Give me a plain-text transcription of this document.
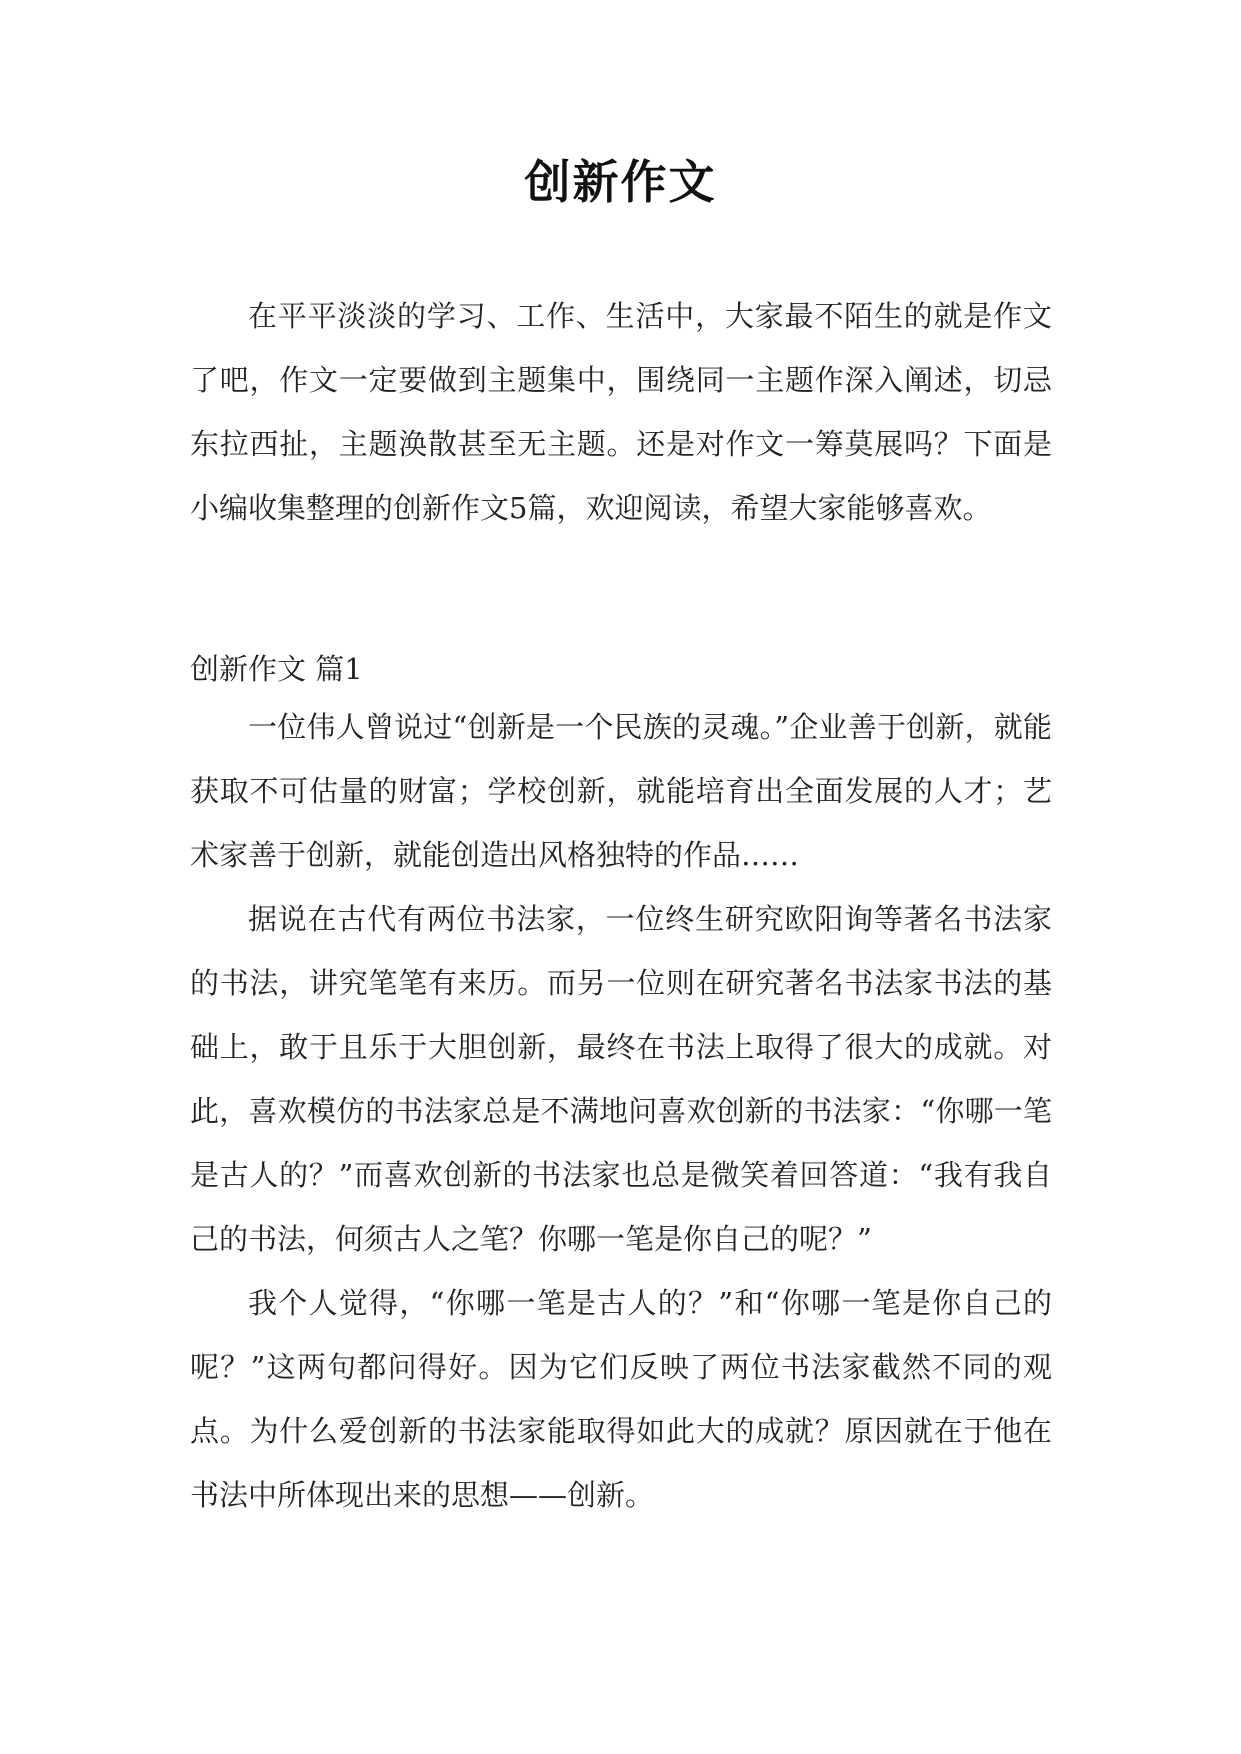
创新作文

在平平淡淡的学习、工作、生活中，大家最不陌生的就是作文了吧，作文一定要做到主题集中，围绕同一主题作深入阐述，切忌东拉西扯，主题涣散甚至无主题。还是对作文一筹莫展吗？下面是小编收集整理的创新作文5篇，欢迎阅读，希望大家能够喜欢。

创新作文 篇1

一位伟人曾说过“创新是一个民族的灵魂。”企业善于创新，就能获取不可估量的财富；学校创新，就能培育出全面发展的人才；艺术家善于创新，就能创造出风格独特的作品……

据说在古代有两位书法家，一位终生研究欧阳询等著名书法家的书法，讲究笔笔有来历。而另一位则在研究著名书法家书法的基础上，敢于且乐于大胆创新，最终在书法上取得了很大的成就。对此，喜欢模仿的书法家总是不满地问喜欢创新的书法家：“你哪一笔是古人的？”而喜欢创新的书法家也总是微笑着回答道：“我有我自己的书法，何须古人之笔？你哪一笔是你自己的呢？”

我个人觉得，“你哪一笔是古人的？”和“你哪一笔是你自己的呢？”这两句都问得好。因为它们反映了两位书法家截然不同的观点。为什么爱创新的书法家能取得如此大的成就？原因就在于他在书法中所体现出来的思想——创新。
